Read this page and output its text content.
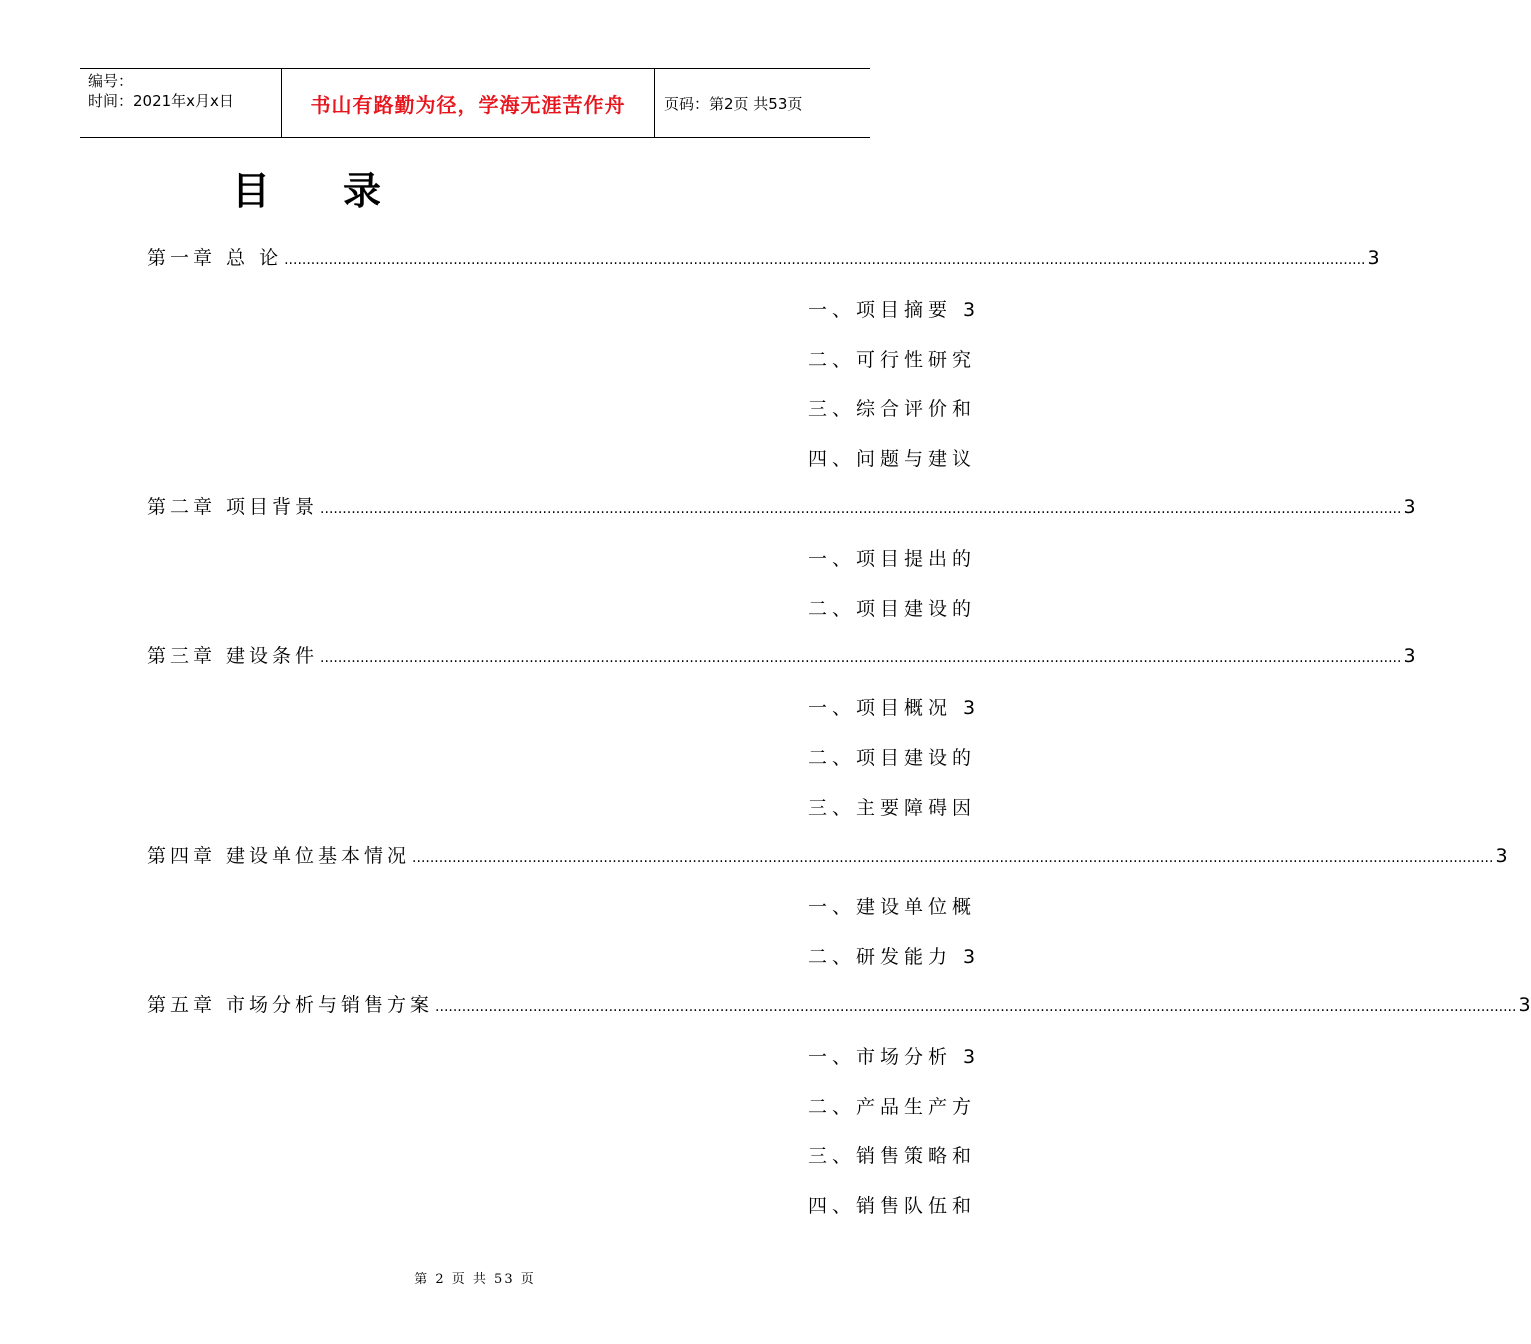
编号：
时间：2021年x月x日	书山有路勤为径，学海无涯苦作舟	页码：第2页 共53页
目 录
第一章 总 论 .....	3
一、项目摘要 3
二、可行性研究
三、综合评价和
四、问题与建议
第二章 项目背景 .....	3
一、项目提出的
二、项目建设的
第三章 建设条件 .....	3
一、项目概况 3
二、项目建设的
三、主要障碍因
第四章 建设单位基本情况 .....	3
一、建设单位概
二、研发能力 3
第五章 市场分析与销售方案 .....	3
一、市场分析 3
二、产品生产方
三、销售策略和
四、销售队伍和
第 2 页 共 53 页
